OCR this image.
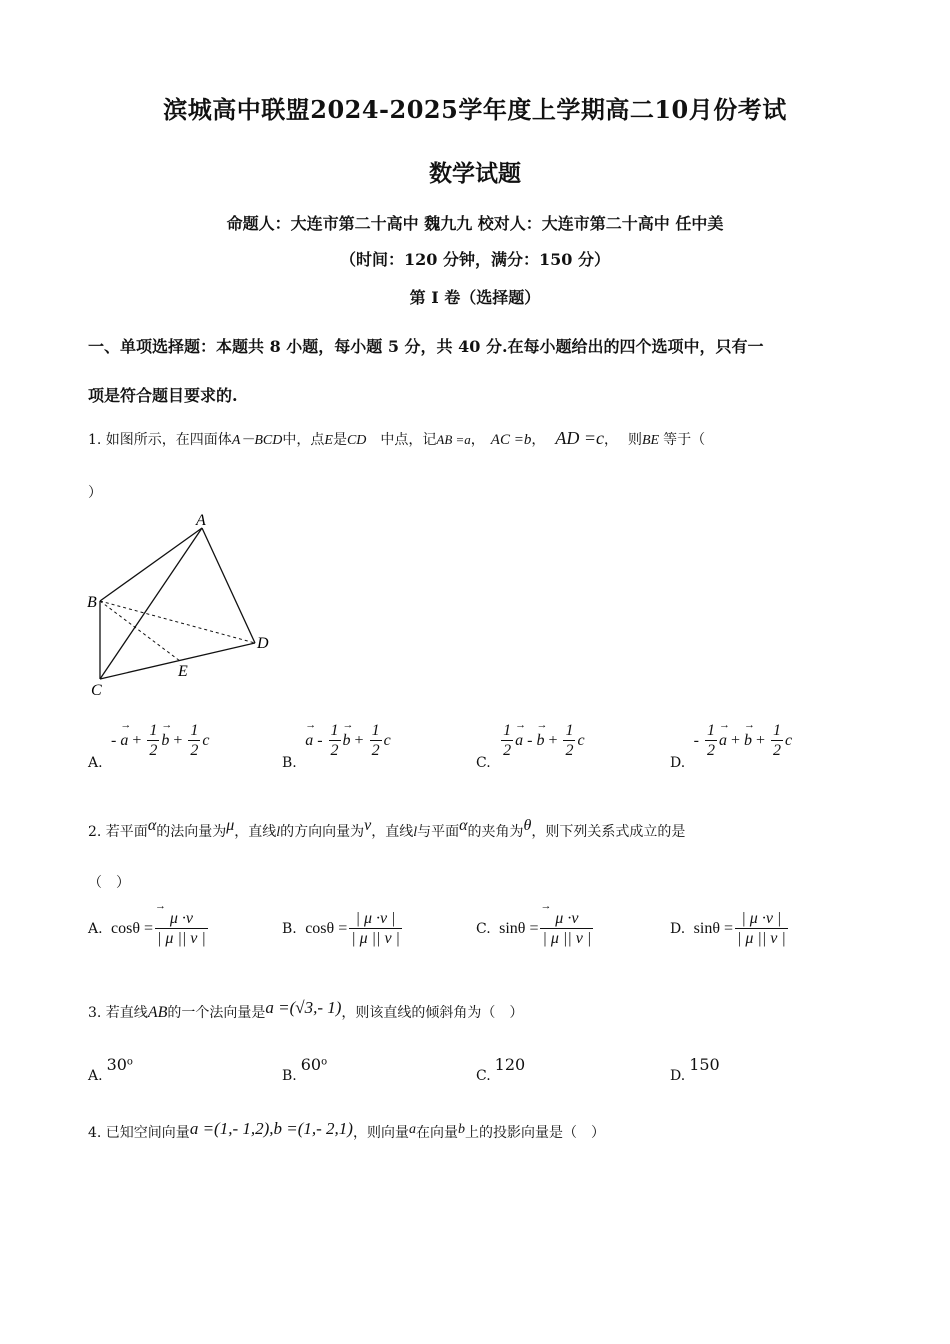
滨城高中联盟2024-2025学年度上学期高二10月份考试
数学试题
命题人：大连市第二十高中 魏九九 校对人：大连市第二十高中 任中美
（时间：120 分钟，满分：150 分）
第 I 卷（选择题）
一、单项选择题：本题共 8 小题，每小题 5 分，共 40 分.在每小题给出的四个选项中，只有一
项是符合题目要求的.
1. 如图所示，在四面体A－BCD中，点E是CD 中点，记AB =a， AC =b， AD =c， 则BE 等于（
）
A
B
C
D
E
A. - → $a + \frac{1}{2}$
→ $b + \frac{1}{2}$ c
B. → a - $\frac{1}{2}$
→ $b + \frac{1}{2}$ c
C.
$\frac{1}{2}$
→ a - → $b + \frac{1}{2}$ c
D. - $\frac{1}{2}$
→ a + → $b + \frac{1}{2}$ c
2. 若平面α的法向量为μ，直线l的方向向量为ν，直线l与平面α的夹角为θ，则下列关系式成立的是
（　）
A. cosθ =
→ $\frac{\mu \cdot\nu}{| \mu || \nu |}$	B. $\cos\theta = \frac{| \mu \cdot\nu |}{| \mu || \nu |}$	C. sinθ =
→ $\frac{\mu \cdot\nu}{| \mu || \nu |}$	D. $\sin\theta = \frac{| \mu \cdot\nu |}{| \mu || \nu |}$
3. 若直线AB的一个法向量是a =(√3,- 1)，则该直线的倾斜角为（　）
A.30$^o$
B.60$^o$
C.120
D.150
4. 已知空间向量a =(1,- 1,2),b =(1,- 2,1)，则向量a在向量b上的投影向量是（　）
